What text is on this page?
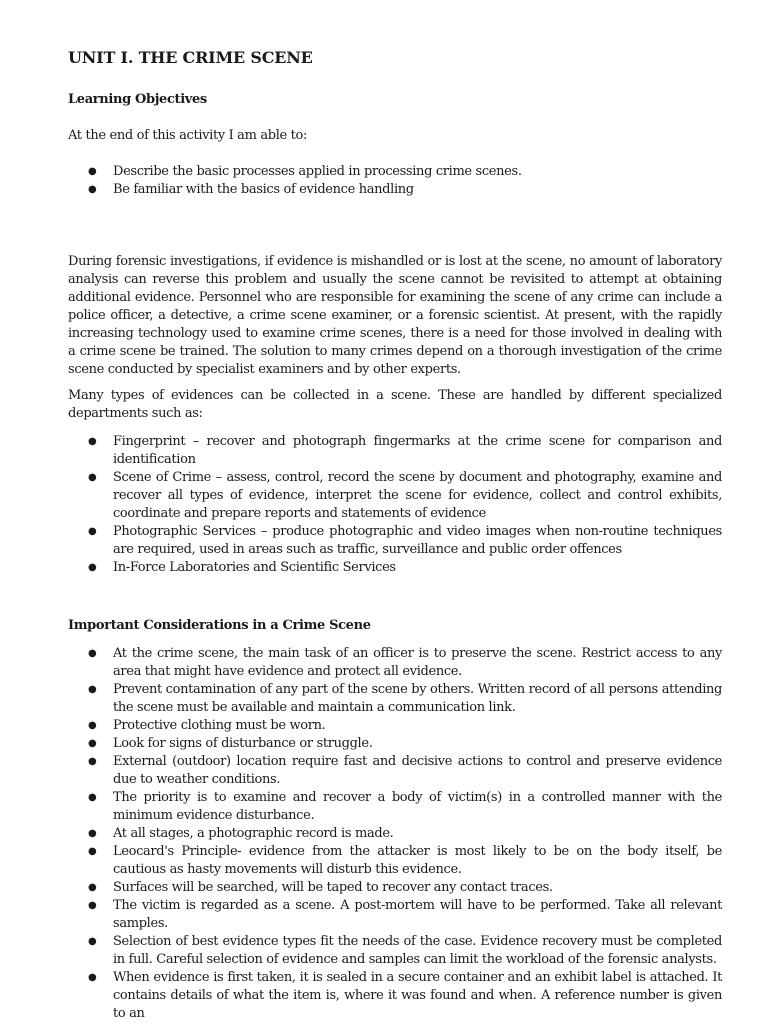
UNIT I. THE CRIME SCENE

Learning Objectives

At the end of this activity I am able to:

● Describe the basic processes applied in processing crime scenes.
● Be familiar with the basics of evidence handling

During forensic investigations, if evidence is mishandled or is lost at the scene, no amount of laboratory analysis can reverse this problem and usually the scene cannot be revisited to attempt at obtaining additional evidence. Personnel who are responsible for examining the scene of any crime can include a police officer, a detective, a crime scene examiner, or a forensic scientist. At present, with the rapidly increasing technology used to examine crime scenes, there is a need for those involved in dealing with a crime scene be trained. The solution to many crimes depend on a thorough investigation of the crime scene conducted by specialist examiners and by other experts.

Many types of evidences can be collected in a scene. These are handled by different specialized departments such as:

● Fingerprint – recover and photograph fingermarks at the crime scene for comparison and identification
● Scene of Crime – assess, control, record the scene by document and photography, examine and recover all types of evidence, interpret the scene for evidence, collect and control exhibits, coordinate and prepare reports and statements of evidence
● Photographic Services – produce photographic and video images when non-routine techniques are required, used in areas such as traffic, surveillance and public order offences
● In-Force Laboratories and Scientific Services

Important Considerations in a Crime Scene

● At the crime scene, the main task of an officer is to preserve the scene. Restrict access to any area that might have evidence and protect all evidence.
● Prevent contamination of any part of the scene by others. Written record of all persons attending the scene must be available and maintain a communication link.
● Protective clothing must be worn.
● Look for signs of disturbance or struggle.
● External (outdoor) location require fast and decisive actions to control and preserve evidence due to weather conditions.
● The priority is to examine and recover a body of victim(s) in a controlled manner with the minimum evidence disturbance.
● At all stages, a photographic record is made.
● Leocard's Principle- evidence from the attacker is most likely to be on the body itself, be cautious as hasty movements will disturb this evidence.
● Surfaces will be searched, will be taped to recover any contact traces.
● The victim is regarded as a scene. A post-mortem will have to be performed. Take all relevant samples.
● Selection of best evidence types fit the needs of the case. Evidence recovery must be completed in full. Careful selection of evidence and samples can limit the workload of the forensic analysts.
● When evidence is first taken, it is sealed in a secure container and an exhibit label is attached. It contains details of what the item is, where it was found and when. A reference number is given to an
